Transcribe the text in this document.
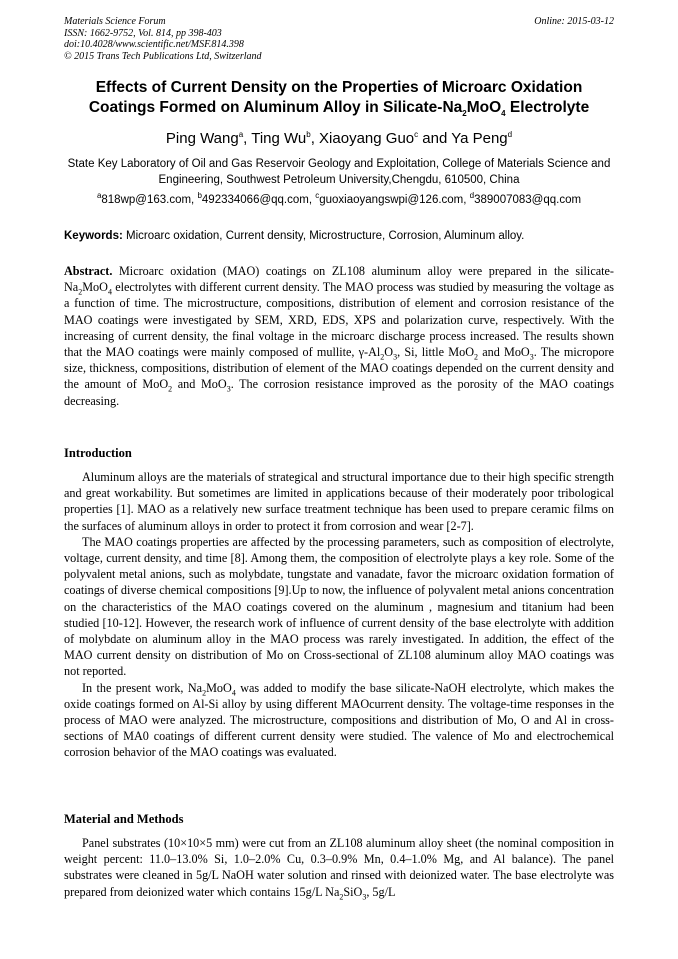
Materials Science Forum
ISSN: 1662-9752, Vol. 814, pp 398-403
doi:10.4028/www.scientific.net/MSF.814.398
© 2015 Trans Tech Publications Ltd, Switzerland
Online: 2015-03-12
Effects of Current Density on the Properties of Microarc Oxidation
Coatings Formed on Aluminum Alloy in Silicate-$Na_2MoO_4$ Electrolyte
Ping Wang$^a$, Ting Wu$^b$, Xiaoyang Guo$^c$ and Ya Peng$^d$
State Key Laboratory of Oil and Gas Reservoir Geology and Exploitation, College of Materials Science and Engineering, Southwest Petroleum University,Chengdu, 610500, China
$^a$818wp@163.com, $^b$492334066@qq.com, $^c$guoxiaoyangswpi@126.com, $^d$389007083@qq.com
Keywords: Microarc oxidation, Current density, Microstructure, Corrosion, Aluminum alloy.

Abstract. Microarc oxidation (MAO) coatings on ZL108 aluminum alloy were prepared in the silicate-$Na_2MoO_4$ electrolytes with different current density. The MAO process was studied by measuring the voltage as a function of time. The microstructure, compositions, distribution of element and corrosion resistance of the MAO coatings were investigated by SEM, XRD, EDS, XPS and polarization curve, respectively. With the increasing of current density, the final voltage in the microarc discharge process increased. The results shown that the MAO coatings were mainly composed of mullite, $\gamma-Al_2O_3$, Si, little MoO$_2$ and MoO$_3$. The micropore size, thickness, compositions, distribution of element of the MAO coatings depended on the current density and the amount of MoO$_2$ and MoO$_3$. The corrosion resistance improved as the porosity of the MAO coatings decreasing.

Introduction

Aluminum alloys are the materials of strategical and structural importance due to their high specific strength and great workability. But sometimes are limited in applications because of their moderately poor tribological properties [1]. MAO as a relatively new surface treatment technique has been used to prepare ceramic films on the surfaces of aluminum alloys in order to protect it from corrosion and wear [2-7].

The MAO coatings properties are affected by the processing parameters, such as composition of electrolyte, voltage, current density, and time [8]. Among them, the composition of electrolyte plays a key role. Some of the polyvalent metal anions, such as molybdate, tungstate and vanadate, favor the microarc oxidation formation of coatings of diverse chemical compositions [9].Up to now, the influence of polyvalent metal anions concentration on the characteristics of the MAO coatings covered on the aluminum , magnesium and titanium had been studied [10-12]. However, the research work of influence of current density of the base electrolyte with addition of molybdate on aluminum alloy in the MAO process was rarely investigated. In addition, the effect of the MAO current density on distribution of Mo on Cross-sectional of ZL108 aluminum alloy MAO coatings was not reported.

In the present work, $Na_2MoO_4$ was added to modify the base silicate-NaOH electrolyte, which makes the oxide coatings formed on Al-Si alloy by using different MAOcurrent density. The voltage-time responses in the process of MAO were analyzed. The microstructure, compositions and distribution of Mo, O and Al in cross-sections of MA0 coatings of different current density were studied. The valence of Mo and electrochemical corrosion behavior of the MAO coatings was evaluated.

Material and Methods

Panel substrates (10×10×5 mm) were cut from an ZL108 aluminum alloy sheet (the nominal composition in weight percent: 11.0–13.0% Si, 1.0–2.0% Cu, 0.3–0.9% Mn, 0.4–1.0% Mg, and Al balance). The panel substrates were cleaned in 5g/L NaOH water solution and rinsed with deionized water. The base electrolyte was prepared from deionized water which contains 15g/L $Na_2SiO_3$, 5g/L
